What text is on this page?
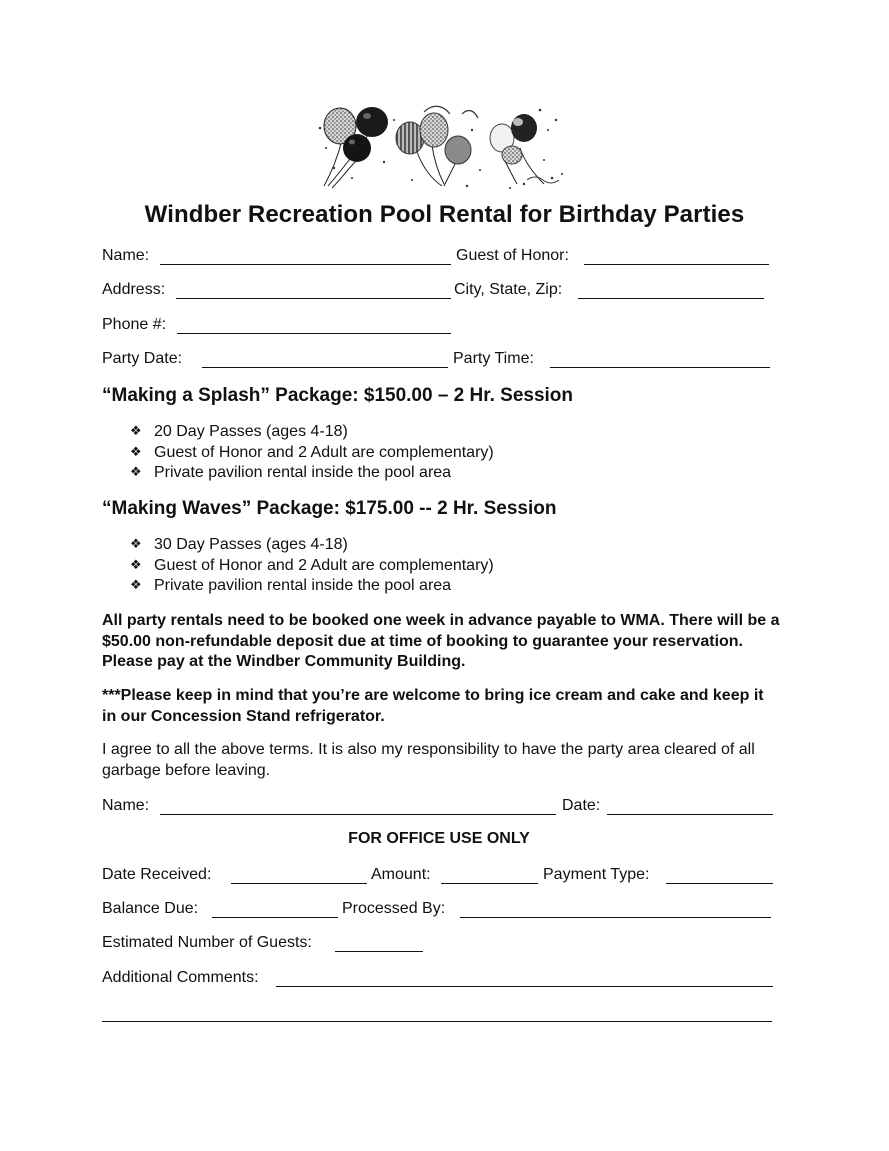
Windber Recreation Pool Rental for Birthday Parties
Name:	Guest of Honor:
Address:	City, State, Zip:
Phone #:
Party Date:	Party Time:
“Making a Splash” Package: $150.00 – 2 Hr. Session
❖ 20 Day Passes (ages 4-18)
❖ Guest of Honor and 2 Adult are complementary)
❖ Private pavilion rental inside the pool area
“Making Waves” Package: $175.00 -- 2 Hr. Session
❖ 30 Day Passes (ages 4-18)
❖ Guest of Honor and 2 Adult are complementary)
❖ Private pavilion rental inside the pool area
All party rentals need to be booked one week in advance payable to WMA. There will be a $50.00 non-refundable deposit due at time of booking to guarantee your reservation. Please pay at the Windber Community Building.
***Please keep in mind that you’re are welcome to bring ice cream and cake and keep it in our Concession Stand refrigerator.
I agree to all the above terms. It is also my responsibility to have the party area cleared of all garbage before leaving.
Name:	Date:
FOR OFFICE USE ONLY
Date Received:	Amount:	Payment Type:
Balance Due:	Processed By:
Estimated Number of Guests:
Additional Comments:
